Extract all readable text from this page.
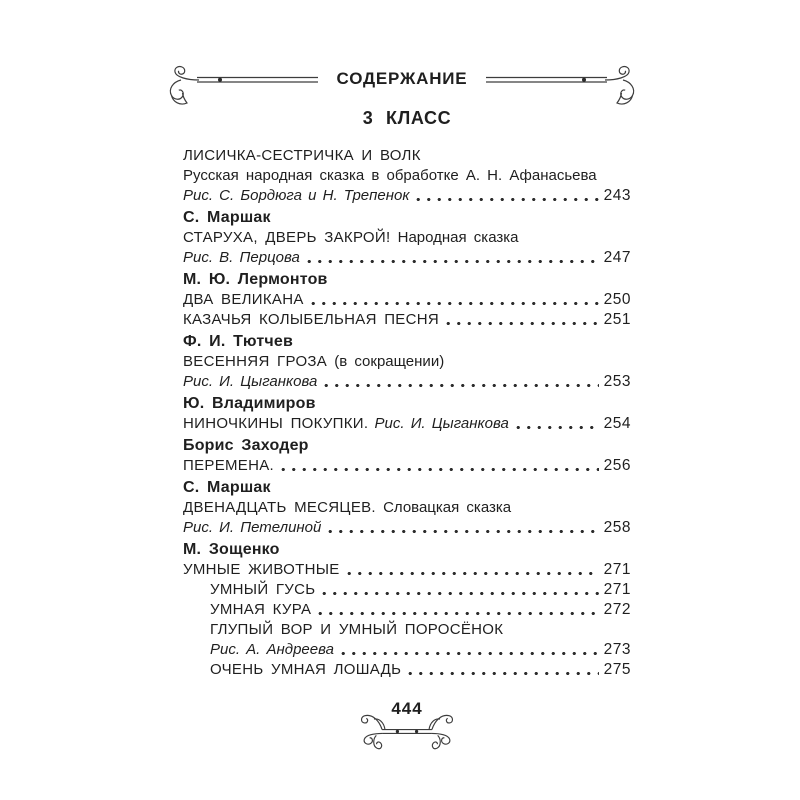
СОДЕРЖАНИЕ
3 КЛАСС
ЛИСИЧКА-СЕСТРИЧКА И ВОЛК
Русская народная сказка в обработке А. Н. Афанасьева
Рис. С. Бордюга и Н. Трепенок	243
С. Маршак
СТАРУХА, ДВЕРЬ ЗАКРОЙ! Народная сказка
Рис. В. Перцова	247
М. Ю. Лермонтов
ДВА ВЕЛИКАНА	250
КАЗАЧЬЯ КОЛЫБЕЛЬНАЯ ПЕСНЯ	251
Ф. И. Тютчев
ВЕСЕННЯЯ ГРОЗА (в сокращении)
Рис. И. Цыганкова	253
Ю. Владимиров
НИНОЧКИНЫ ПОКУПКИ. Рис. И. Цыганкова	254
Борис Заходер
ПЕРЕМЕНА.	256
С. Маршак
ДВЕНАДЦАТЬ МЕСЯЦЕВ. Словацкая сказка
Рис. И. Петелиной	258
М. Зощенко
УМНЫЕ ЖИВОТНЫЕ	271
УМНЫЙ ГУСЬ	271
УМНАЯ КУРА	272
ГЛУПЫЙ ВОР И УМНЫЙ ПОРОСЁНОК
Рис. А. Андреева	273
ОЧЕНЬ УМНАЯ ЛОШАДЬ	275
444
